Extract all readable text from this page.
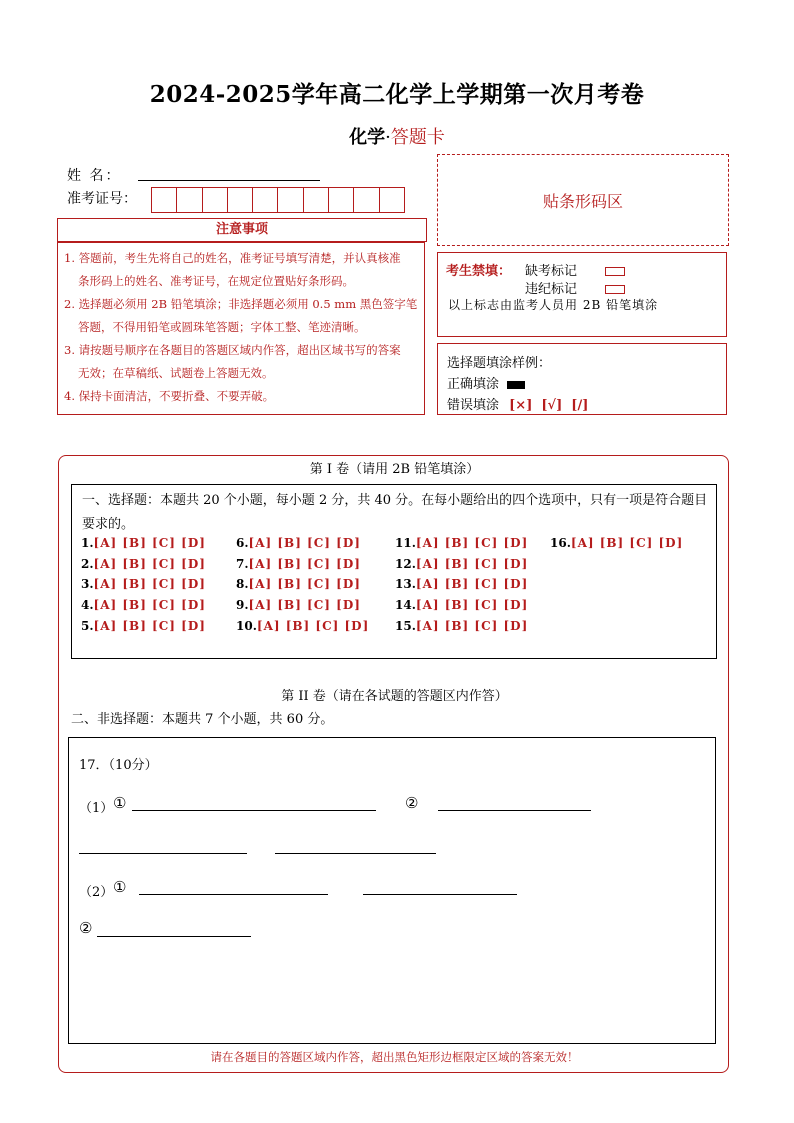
2024-2025学年高二化学上学期第一次月考卷
化学·答题卡
姓 名：
准考证号：	贴条形码区
注意事项

1. 答题前，考生先将自己的姓名，准考证号填写清楚，并认真核准

条形码上的姓名、准考证号，在规定位置贴好条形码。

2. 选择题必须用 2B 铅笔填涂；非选择题必须用 0.5 mm 黑色签字笔

答题，不得用铅笔或圆珠笔答题；字体工整、笔迹清晰。

3. 请按题号顺序在各题目的答题区域内作答，超出区域书写的答案

无效；在草稿纸、试题卷上答题无效。

4. 保持卡面清洁，不要折叠、不要弄破。

考生禁填： 缺考标记
违纪标记
以上标志由监考人员用 2B 铅笔填涂
选择题填涂样例：
正确填涂
错误填涂 [×]  [√]  [/]
第 I 卷（请用 2B 铅笔填涂）
一、选择题：本题共 20 个小题，每小题 2 分，共 40 分。在每小题给出的四个选项中，只有一项是符合题目要求的。
1.[A] [B] [C] [D]
2.[A] [B] [C] [D]
3.[A] [B] [C] [D]
4.[A] [B] [C] [D]
5.[A] [B] [C] [D]
6.[A] [B] [C] [D]
7.[A] [B] [C] [D]
8.[A] [B] [C] [D]
9.[A] [B] [C] [D]
10.[A] [B] [C] [D]
11.[A] [B] [C] [D]
12.[A] [B] [C] [D]
13.[A] [B] [C] [D]
14.[A] [B] [C] [D]
15.[A] [B] [C] [D]
16.[A] [B] [C] [D]
第 II 卷（请在各试题的答题区内作答）
二、非选择题：本题共 7 个小题，共 60 分。
17．（10分）
（1） ①	②
（2） ①
②
请在各题目的答题区域内作答，超出黑色矩形边框限定区域的答案无效！
